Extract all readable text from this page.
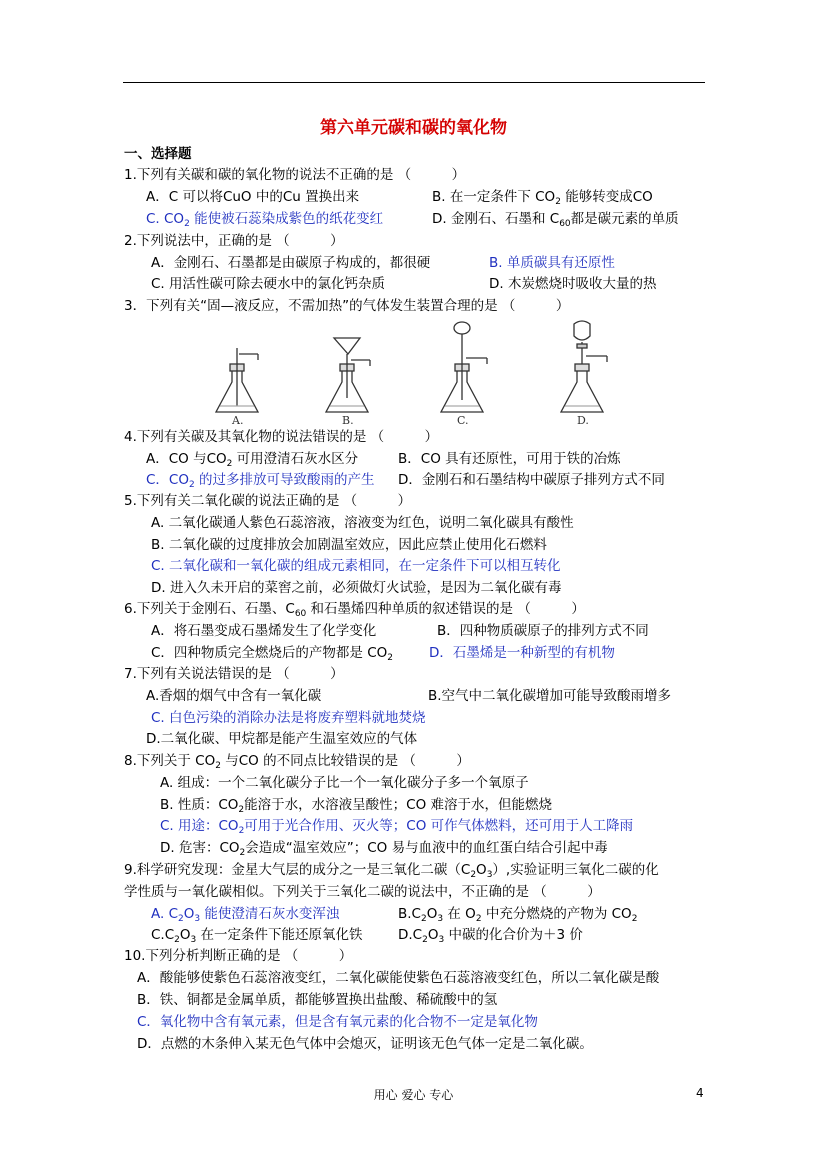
第六单元碳和碳的氧化物
一、选择题
1.下列有关碳和碳的氧化物的说法不正确的是 （　　　）
A．C 可以将CuO 中的Cu 置换出来	B. 在一定条件下 $CO_2$ 能够转变成CO
C. $CO_2$ 能使被石蕊染成紫色的纸花变红	D. 金刚石、石墨和 $C_{60}$都是碳元素的单质
2.下列说法中，正确的是 （　　　）
A．金刚石、石墨都是由碳原子构成的，都很硬	B. 单质碳具有还原性
C. 用活性碳可除去硬水中的氯化钙杂质	D. 木炭燃烧时吸收大量的热
3．下列有关“固—液反应，不需加热”的气体发生装置合理的是 （　　　）
A.	B.	C.	D.
4.下列有关碳及其氧化物的说法错误的是 （　　　）
A．CO 与$CO_2$ 可用澄清石灰水区分	B．CO 具有还原性，可用于铁的冶炼
C．$CO_2$ 的过多排放可导致酸雨的产生 D．金刚石和石墨结构中碳原子排列方式不同
5.下列有关二氧化碳的说法正确的是 （　　　）
A. 二氧化碳通人紫色石蕊溶液，溶液变为红色，说明二氧化碳具有酸性
B. 二氧化碳的过度排放会加剧温室效应，因此应禁止使用化石燃料
C. 二氧化碳和一氧化碳的组成元素相同，在一定条件下可以相互转化
D. 进入久未开启的菜窖之前，必须做灯火试验，是因为二氧化碳有毒
6.下列关于金刚石、石墨、$C_{60}$ 和石墨烯四种单质的叙述错误的是 （　　　）
A．将石墨变成石墨烯发生了化学变化	B．四种物质碳原子的排列方式不同
C．四种物质完全燃烧后的产物都是 $CO_2$	D．石墨烯是一种新型的有机物
7.下列有关说法错误的是 （　　　）
A.香烟的烟气中含有一氧化碳	B.空气中二氧化碳增加可能导致酸雨增多
C. 白色污染的消除办法是将废弃塑料就地焚烧
D.二氧化碳、甲烷都是能产生温室效应的气体
8.下列关于 $CO_2$ 与CO 的不同点比较错误的是 （　　　）
A. 组成：一个二氧化碳分子比一个一氧化碳分子多一个氧原子
B. 性质：$CO_2$能溶于水，水溶液呈酸性；CO 难溶于水，但能燃烧
C. 用途：$CO_2$可用于光合作用、灭火等；CO 可作气体燃料，还可用于人工降雨
D. 危害：$CO_2$会造成“温室效应”；CO 易与血液中的血红蛋白结合引起中毒
9.科学研究发现：金星大气层的成分之一是三氧化二碳$(C_2O_3)$,实验证明三氧化二碳的化
学性质与一氧化碳相似。下列关于三氧化二碳的说法中，不正确的是 （　　　）
A. $C_2O_3$ 能使澄清石灰水变浑浊	$B.C_2O_3$ 在 $O_2$ 中充分燃烧的产物为 $CO_2$
$C.C_2O_3$ 在一定条件下能还原氧化铁	$D.C_2O_3$ 中碳的化合价为＋3 价
10.下列分析判断正确的是 （　　　）
A．酸能够使紫色石蕊溶液变红，二氧化碳能使紫色石蕊溶液变红色，所以二氧化碳是酸
B．铁、铜都是金属单质，都能够置换出盐酸、稀硫酸中的氢
C．氧化物中含有氧元素，但是含有氧元素的化合物不一定是氧化物
D．点燃的木条伸入某无色气体中会熄灭，证明该无色气体一定是二氧化碳。
用心 爱心 专心	4
